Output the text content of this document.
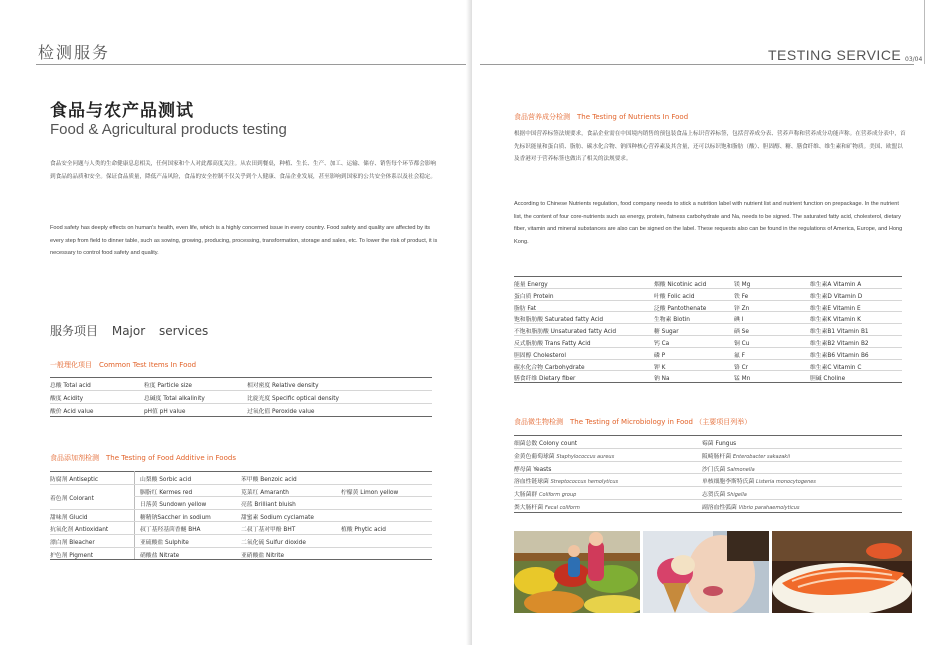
检测服务
食品与农产品测试
Food & Agricultural products testing
食品安全问题与人类的生命健康息息相关，任何国家和个人对此都高度关注。从农田到餐桌，种植、生长、生产、加工、运输、储存、销售每个环节都会影响到食品的品质和安全。保证食品质量，降低产品风险，食品的安全控制不仅关乎到个人健康、食品企业发展，甚至影响到国家的公共安全体系以及社会稳定。
Food safety has deeply effects on human's health, even life, which is a highly concerned issue in every country. Food safety and quality are affected by its every step from field to dinner table, such as sowing, growing, producing, processing, transformation, storage and sales, etc. To lower the risk of product, it is necessary to control food safety and quality.
服务项目 Major services
一般理化项目　Common Test Items In Food
总酸 Total acid	粒度 Particle size	相对密度 Relative density
酸度 Acidity	总碱度 Total alkalinity	比旋光度 Specific optical density
酸价 Acid value	pH值 pH value	过氧化值 Peroxide value
食品添加剂检测　The Testing of Food Additive in Foods
防腐剂 Antiseptic	山梨酸 Sorbic acid	苯甲酸 Benzoic acid
着色剂 Colorant
胭脂红 Kermes red	苋菜红 Amaranth	柠檬黄 Limon yellow
日落黄 Sundown yellow	亮蓝 Brilliant bluish
甜味剂 Glucid	糖精钠Saccher in sodium	甜蜜素 Sodium cyclamate
抗氧化剂 Antioxidant	叔丁基羟基茴香醚 BHA	二叔丁基对甲酚 BHT	植酸 Phytic acid
漂白剂 Bleacher	亚硫酸盐 Sulphite	二氧化硫 Sulfur dioxide
护色剂 Pigment	硝酸盐 Nitrate	亚硝酸盐 Nitrite
TESTING SERVICE 03/04
食品营养成分检测　The Testing of Nutrients In Food
根据中国营养标签法规要求，食品企业需在中国境内销售的预包装食品上标识营养标签，包括营养成分表、营养声称和营养成分功能声称。在营养成分表中，首先标识能量和蛋白质、脂肪、碳水化合物、钠四种核心营养素及其含量，还可以标识饱和脂肪（酸）、胆固醇、糖、膳食纤维、维生素和矿物质。美国、欧盟以及香港对于营养标签也做出了相关的法规要求。
According to Chinese Nutrients regulation, food company needs to stick a nutrition label with nutrient list and nutrient function on prepackage. In the nutrient list, the content of four core-nutrients such as energy, protein, fatness carbohydrate and Na, needs to be signed. The saturated fatty acid, cholesterol, dietary fiber, vitamin and mineral substances are also can be signed on the label. These requests also can be found in the regulations of America, Europe, and Hong Kong.
能量 Energy	烟酸 Nicotinic acid	镁 Mg	维生素A Vitamin A
蛋白质 Protein	叶酸 Folic acid	铁 Fe	维生素D Vitamin D
脂肪 Fat	泛酸 Pantothenate	锌 Zn	维生素E Vitamin E
饱和脂肪酸 Saturated fatty Acid	生物素 Biotin	碘 I	维生素K Vitamin K
不饱和脂肪酸 Unsaturated fatty Acid	糖 Sugar	硒 Se	维生素B1 Vitamin B1
反式脂肪酸 Trans Fatty Acid	钙 Ca	铜 Cu	维生素B2 Vitamin B2
胆固醇 Cholesterol	磷 P	氟 F	维生素B6 Vitamin B6
碳水化合物 Carbohydrate	钾 K	铬 Cr	维生素C Vitamin C
膳食纤维 Dietary fiber	钠 Na	锰 Mn	胆碱 Choline
食品微生物检测　The Testing of Microbiology in Food （主要项目列举）
细菌总数 Colony count	霉菌 Fungus
金黄色葡萄球菌 Staphylococcus aureus	阪崎肠杆菌 Enterobacter sakazakii
酵母菌 Yeasts	沙门氏菌 Salmonella
溶血性链球菌 Streptococcus hemolyticus	单核细胞李斯特氏菌 Listeria monocytogenes
大肠菌群 Coliform group	志贺氏菌 Shigella
粪大肠杆菌 Fecal coliform	副溶血性弧菌 Vibrio parahaemolyticus
